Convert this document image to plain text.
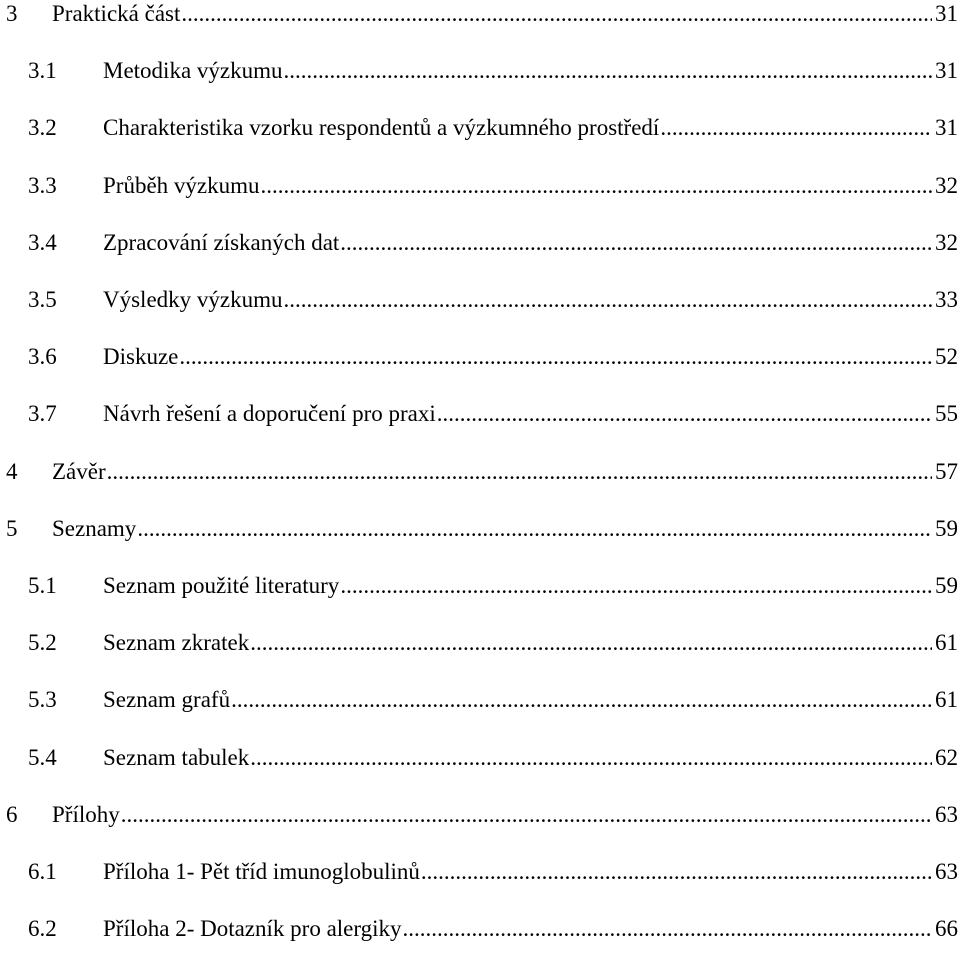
3 Praktická část .....	31
3.1 Metodika výzkumu .....	31
3.2 Charakteristika vzorku respondentů a výzkumného prostředí .....	31
3.3 Průběh výzkumu .....	32
3.4 Zpracování získaných dat .....	32
3.5 Výsledky výzkumu .....	33
3.6 Diskuze .....	52
3.7 Návrh řešení a doporučení pro praxi .....	55
4 Závěr .....	57
5 Seznamy .....	59
5.1 Seznam použité literatury .....	59
5.2 Seznam zkratek .....	61
5.3 Seznam grafů .....	61
5.4 Seznam tabulek .....	62
6 Přílohy .....	63
6.1 Příloha 1- Pět tříd imunoglobulinů .....	63
6.2 Příloha 2- Dotazník pro alergiky .....	66
